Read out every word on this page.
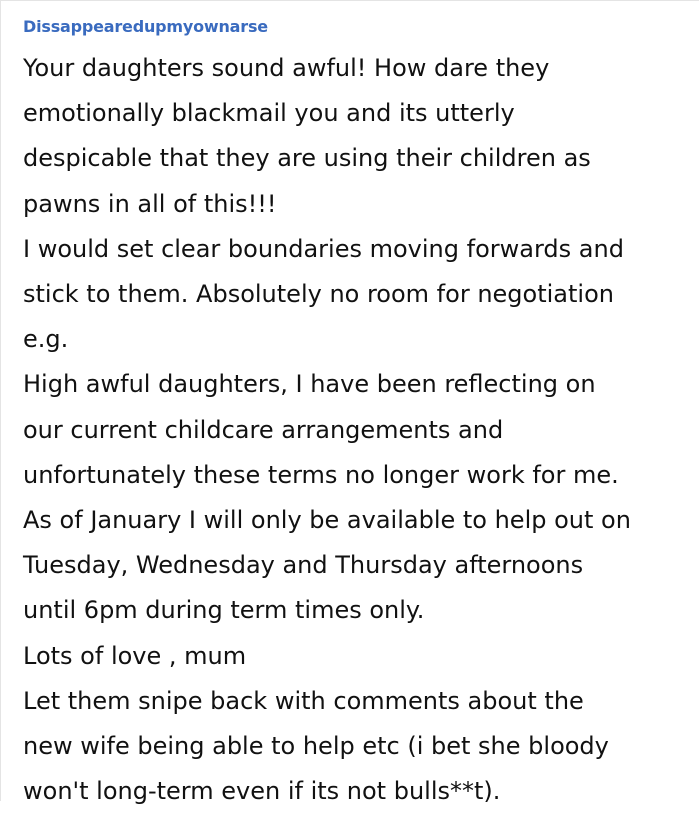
Dissappearedupmyownarse
Your daughters sound awful! How dare they
emotionally blackmail you and its utterly
despicable that they are using their children as
pawns in all of this!!!
I would set clear boundaries moving forwards and
stick to them. Absolutely no room for negotiation
e.g.
High awful daughters, I have been reflecting on
our current childcare arrangements and
unfortunately these terms no longer work for me.
As of January I will only be available to help out on
Tuesday, Wednesday and Thursday afternoons
until 6pm during term times only.
Lots of love , mum
Let them snipe back with comments about the
new wife being able to help etc (i bet she bloody
won't long-term even if its not bulls**t).
